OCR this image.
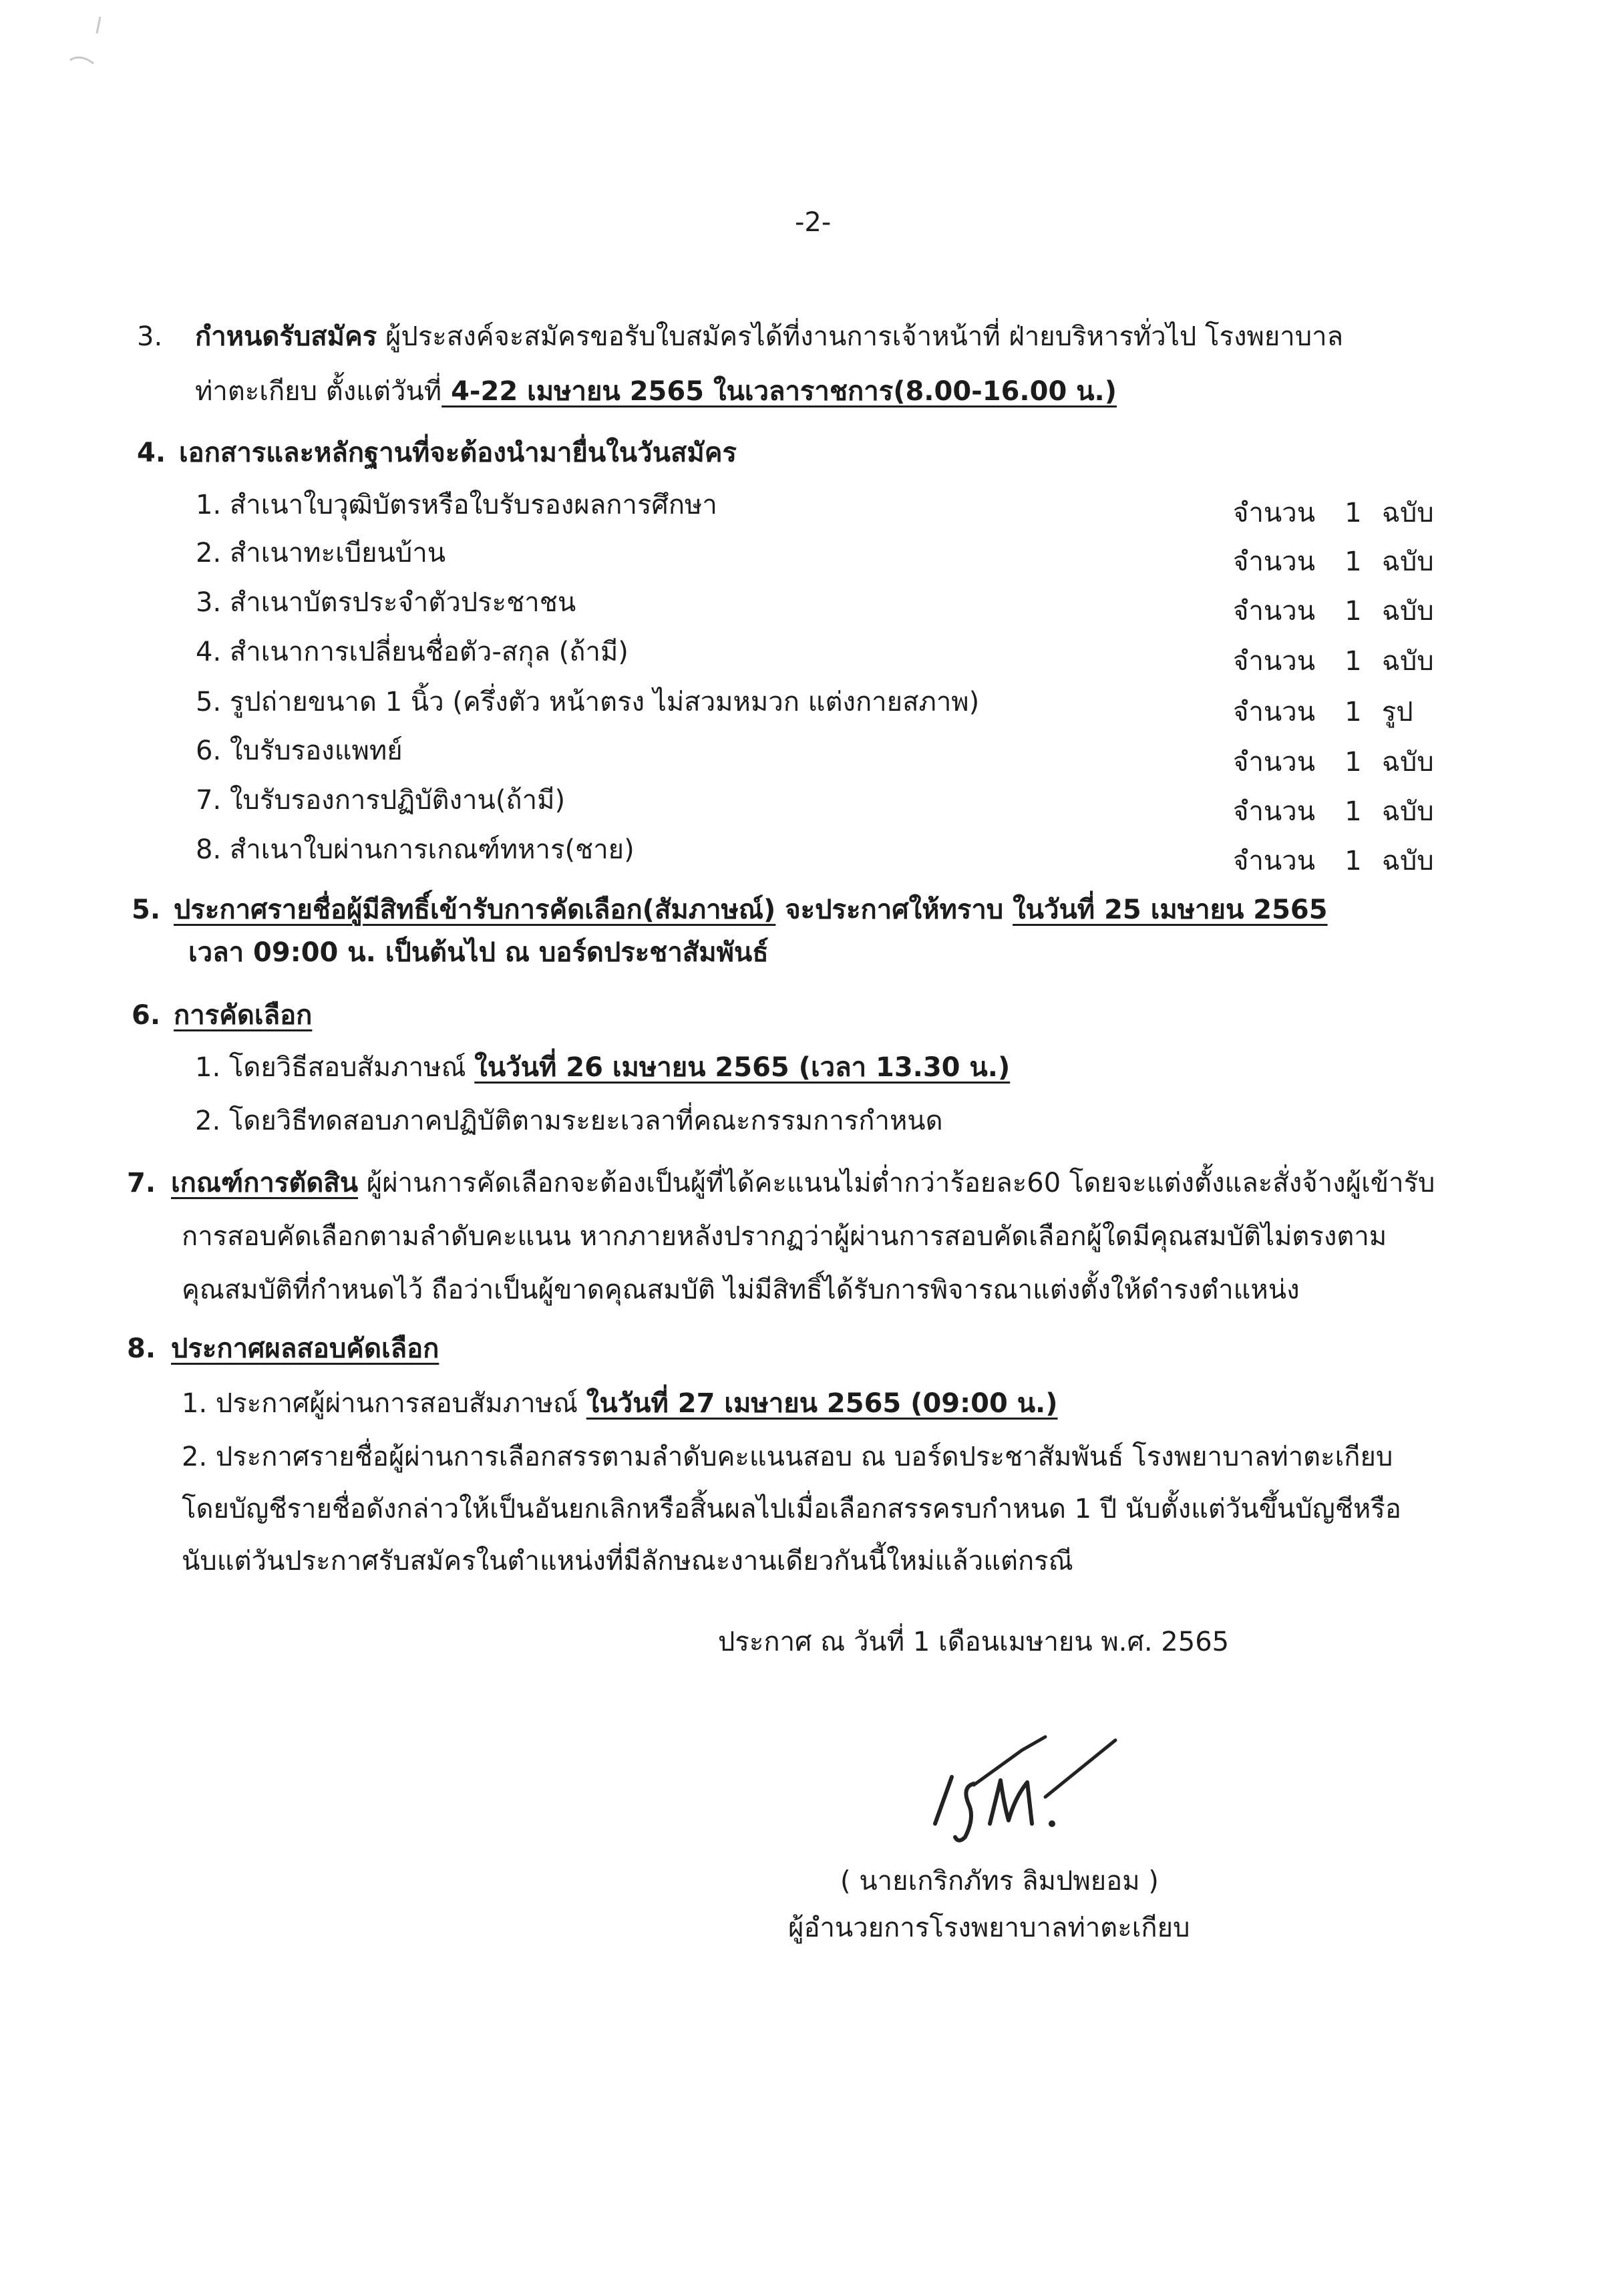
-2-
3. กำหนดรับสมัคร ผู้ประสงค์จะสมัครขอรับใบสมัครได้ที่งานการเจ้าหน้าที่ ฝ่ายบริหารทั่วไป โรงพยาบาล
ท่าตะเกียบ ตั้งแต่วันที่ 4-22 เมษายน 2565 ในเวลาราชการ(8.00-16.00 น.)
4. เอกสารและหลักฐานที่จะต้องนำมายื่นในวันสมัคร
1. สำเนาใบวุฒิบัตรหรือใบรับรองผลการศึกษา	จำนวน 1 ฉบับ
2. สำเนาทะเบียนบ้าน	จำนวน 1 ฉบับ
3. สำเนาบัตรประจำตัวประชาชน	จำนวน 1 ฉบับ
4. สำเนาการเปลี่ยนชื่อตัว-สกุล (ถ้ามี)	จำนวน 1 ฉบับ
5. รูปถ่ายขนาด 1 นิ้ว (ครึ่งตัว หน้าตรง ไม่สวมหมวก แต่งกายสภาพ)	จำนวน 1 รูป
6. ใบรับรองแพทย์	จำนวน 1 ฉบับ
7. ใบรับรองการปฏิบัติงาน(ถ้ามี)	จำนวน 1 ฉบับ
8. สำเนาใบผ่านการเกณฑ์ทหาร(ชาย)	จำนวน 1 ฉบับ
5. ประกาศรายชื่อผู้มีสิทธิ์เข้ารับการคัดเลือก(สัมภาษณ์) จะประกาศให้ทราบ ในวันที่ 25 เมษายน 2565
เวลา 09:00 น. เป็นต้นไป ณ บอร์ดประชาสัมพันธ์
6. การคัดเลือก
1. โดยวิธีสอบสัมภาษณ์ ในวันที่ 26 เมษายน 2565 (เวลา 13.30 น.)
2. โดยวิธีทดสอบภาคปฏิบัติตามระยะเวลาที่คณะกรรมการกำหนด
7. เกณฑ์การตัดสิน ผู้ผ่านการคัดเลือกจะต้องเป็นผู้ที่ได้คะแนนไม่ต่ำกว่าร้อยละ60 โดยจะแต่งตั้งและสั่งจ้างผู้เข้ารับ
การสอบคัดเลือกตามลำดับคะแนน หากภายหลังปรากฏว่าผู้ผ่านการสอบคัดเลือกผู้ใดมีคุณสมบัติไม่ตรงตาม
คุณสมบัติที่กำหนดไว้ ถือว่าเป็นผู้ขาดคุณสมบัติ ไม่มีสิทธิ์ได้รับการพิจารณาแต่งตั้งให้ดำรงตำแหน่ง
8. ประกาศผลสอบคัดเลือก
1. ประกาศผู้ผ่านการสอบสัมภาษณ์ ในวันที่ 27 เมษายน 2565 (09:00 น.)
2. ประกาศรายชื่อผู้ผ่านการเลือกสรรตามลำดับคะแนนสอบ ณ บอร์ดประชาสัมพันธ์ โรงพยาบาลท่าตะเกียบ
โดยบัญชีรายชื่อดังกล่าวให้เป็นอันยกเลิกหรือสิ้นผลไปเมื่อเลือกสรรครบกำหนด 1 ปี นับตั้งแต่วันขึ้นบัญชีหรือ
นับแต่วันประกาศรับสมัครในตำแหน่งที่มีลักษณะงานเดียวกันนี้ใหม่แล้วแต่กรณี
ประกาศ ณ วันที่ 1 เดือนเมษายน พ.ศ. 2565
( นายเกริกภัทร ลิมปพยอม )
ผู้อำนวยการโรงพยาบาลท่าตะเกียบ
